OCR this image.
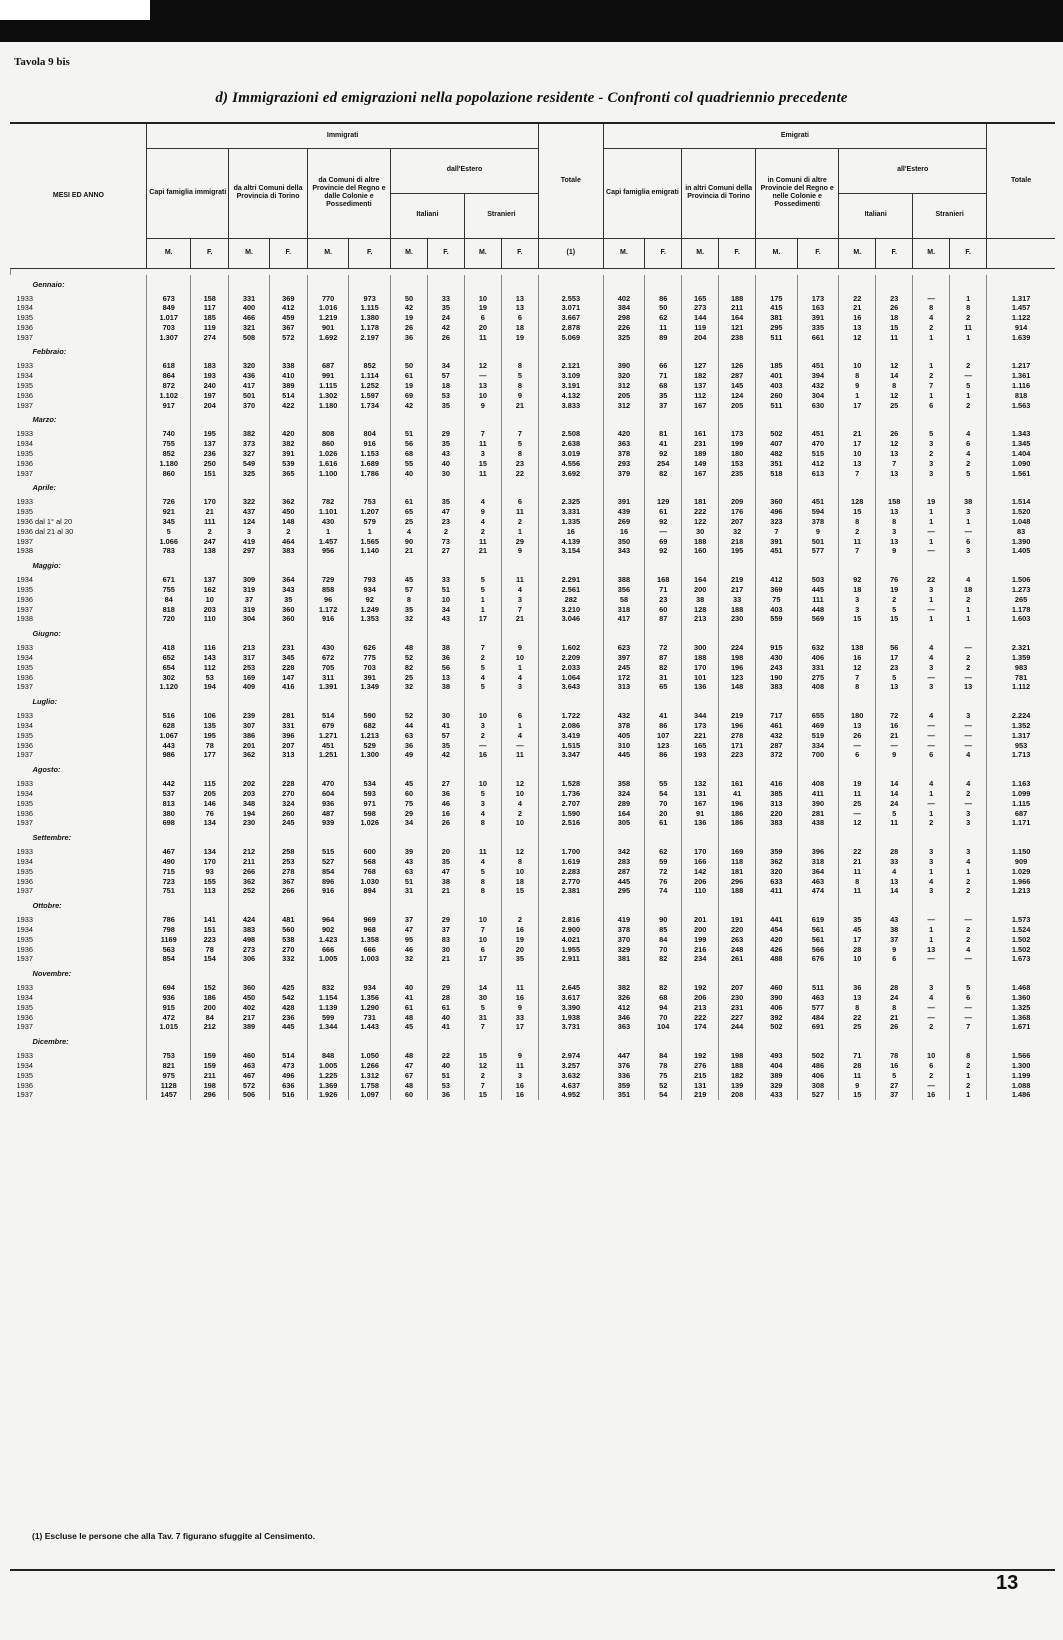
Tavola 9 bis
d) Immigrazioni ed emigrazioni nella popolazione residente - Confronti col quadriennio precedente
MESI ED ANNO	Immigrati										Totale	Emigrati										Totale
	Capi famiglia immigrati		da altri Comuni della Provincia di Torino		da Comuni di altre Provincie del Regno e dalle Colonie e Possedimenti		dall'Estero					Capi famiglia emigrati		in altri Comuni della Provincia di Torino		in Comuni di altre Provincie del Regno e nelle Colonie e Possedimenti		all'Estero				
							Italiani		Stranieri									Italiani		Stranieri		
	M.	F.	M.	F.	M.	F.	M.	F.	M.	F.	(1)	M.	F.	M.	F.	M.	F.	M.	F.	M.	F.	

Gennaio:																						
1933	673	158	331	369	770	973	50	33	10	13	2.553	402	86	165	188	175	173	22	23	—	1	1.317
1934	849	117	400	412	1.016	1.115	42	35	19	13	3.071	384	50	273	211	415	163	21	26	8	8	1.457
1935	1.017	185	466	459	1.219	1.380	19	24	6	6	3.667	298	62	144	164	381	391	16	18	4	2	1.122
1936	703	119	321	367	901	1.178	26	42	20	18	2.878	226	11	119	121	295	335	13	15	2	11	914
1937	1.307	274	508	572	1.692	2.197	36	26	11	19	5.069	325	89	204	238	511	661	12	11	1	1	1.639
Febbraio:																						
1933	618	183	320	338	687	852	50	34	12	8	2.121	390	66	127	126	185	451	10	12	1	2	1.217
1934	864	193	436	410	991	1.114	61	57	—	5	3.109	320	71	182	287	401	394	8	14	2	—	1.361
1935	872	240	417	389	1.115	1.252	19	18	13	8	3.191	312	68	137	145	403	432	9	8	7	5	1.116
1936	1.102	197	501	514	1.302	1.597	69	53	10	9	4.132	205	35	112	124	260	304	1	12	1	1	818
1937	917	204	370	422	1.180	1.734	42	35	9	21	3.833	312	37	167	205	511	630	17	25	6	2	1.563
Marzo:																						
1933	740	195	382	420	808	804	51	29	7	7	2.508	420	81	161	173	502	451	21	26	5	4	1.343
1934	755	137	373	382	860	916	56	35	11	5	2.638	363	41	231	199	407	470	17	12	3	6	1.345
1935	852	236	327	391	1.026	1.153	68	43	3	8	3.019	378	92	189	180	482	515	10	13	2	4	1.404
1936	1.180	250	549	539	1.616	1.689	55	40	15	23	4.556	293	254	149	153	351	412	13	7	3	2	1.090
1937	860	151	325	365	1.100	1.786	40	30	11	22	3.692	379	82	167	235	518	613	7	13	3	5	1.561
Aprile:																						
1933	726	170	322	362	782	753	61	35	4	6	2.325	391	129	181	209	360	451	128	158	19	38	1.514
1935	921	21	437	450	1.101	1.207	65	47	9	11	3.331	439	61	222	176	496	594	15	13	1	3	1.520
1936 dal 1° al 20	345	111	124	148	430	579	25	23	4	2	1.335	269	92	122	207	323	378	8	8	1	1	1.048
1936 dal 21 al 30	5	2	3	2	1	1	4	2	2	1	16	16	—	30	32	7	9	2	3	—	—	83
1937	1.066	247	419	464	1.457	1.565	90	73	11	29	4.139	350	69	188	218	391	501	11	13	1	6	1.390
1938	783	138	297	383	956	1.140	21	27	21	9	3.154	343	92	160	195	451	577	7	9	—	3	1.405
Maggio:																						
1934	671	137	309	364	729	793	45	33	5	11	2.291	388	168	164	219	412	503	92	76	22	4	1.506
1935	755	162	319	343	858	934	57	51	5	4	2.561	356	71	200	217	369	445	18	19	3	18	1.273
1936	84	10	37	35	96	92	8	10	1	3	282	58	23	38	33	75	111	3	2	1	2	265
1937	818	203	319	360	1.172	1.249	35	34	1	7	3.210	318	60	128	188	403	448	3	5	—	1	1.178
1938	720	110	304	360	916	1.353	32	43	17	21	3.046	417	87	213	230	559	569	15	15	1	1	1.603
Giugno:																						
1933	418	116	213	231	430	626	48	38	7	9	1.602	623	72	300	224	915	632	138	56	4	—	2.321
1934	652	143	317	345	672	775	52	36	2	10	2.209	397	87	188	198	430	406	16	17	4	2	1.359
1935	654	112	253	228	705	703	82	56	5	1	2.033	245	82	170	196	243	331	12	23	3	2	983
1936	302	53	169	147	311	391	25	13	4	4	1.064	172	31	101	123	190	275	7	5	—	—	781
1937	1.120	194	409	416	1.391	1.349	32	38	5	3	3.643	313	65	136	148	383	408	8	13	3	13	1.112
Luglio:																						
1933	516	106	239	281	514	590	52	30	10	6	1.722	432	41	344	219	717	655	180	72	4	3	2.224
1934	628	135	307	331	679	682	44	41	3	1	2.086	378	86	173	196	461	469	13	16	—	—	1.352
1935	1.067	195	386	396	1.271	1.213	63	57	2	4	3.419	405	107	221	278	432	519	26	21	—	—	1.317
1936	443	78	201	207	451	529	36	35	—	—	1.515	310	123	165	171	287	334	—	—	—	—	953
1937	986	177	362	313	1.251	1.300	49	42	16	11	3.347	445	86	193	223	372	700	6	9	6	4	1.713
Agosto:																						
1933	442	115	202	228	470	534	45	27	10	12	1.528	358	55	132	161	416	408	19	14	4	4	1.163
1934	537	205	203	270	604	593	60	36	5	10	1.736	324	54	131	41	385	411	11	14	1	2	1.099
1935	813	146	348	324	936	971	75	46	3	4	2.707	289	70	167	196	313	390	25	24	—	—	1.115
1936	380	76	194	260	487	598	29	16	4	2	1.590	164	20	91	186	220	281	—	5	1	3	687
1937	698	134	230	245	939	1.026	34	26	8	10	2.516	305	61	136	186	383	438	12	11	2	3	1.171
Settembre:																						
1933	467	134	212	258	515	600	39	20	11	12	1.700	342	62	170	169	359	396	22	28	3	3	1.150
1934	490	170	211	253	527	568	43	35	4	8	1.619	283	59	166	118	362	318	21	33	3	4	909
1935	715	93	266	278	854	768	63	47	5	10	2.283	287	72	142	181	320	364	11	4	1	1	1.029
1936	723	155	362	367	896	1.030	51	38	8	18	2.770	445	76	206	296	633	463	8	13	4	2	1.966
1937	751	113	252	266	916	894	31	21	8	15	2.381	295	74	110	188	411	474	11	14	3	2	1.213
Ottobre:																						
1933	786	141	424	481	964	969	37	29	10	2	2.816	419	90	201	191	441	619	35	43	—	—	1.573
1934	798	151	383	560	902	968	47	37	7	16	2.900	378	85	200	220	454	561	45	38	1	2	1.524
1935	1169	223	498	538	1.423	1.358	95	83	10	19	4.021	370	84	199	263	420	561	17	37	1	2	1.502
1936	563	78	273	270	666	666	46	30	6	20	1.955	329	70	216	248	426	566	28	9	13	4	1.502
1937	854	154	306	332	1.005	1.003	32	21	17	35	2.911	381	82	234	261	488	676	10	6	—	—	1.673
Novembre:																						
1933	694	152	360	425	832	934	40	29	14	11	2.645	382	82	192	207	460	511	36	28	3	5	1.468
1934	936	186	450	542	1.154	1.356	41	28	30	16	3.617	326	68	206	230	390	463	13	24	4	6	1.360
1935	915	200	402	428	1.139	1.290	61	61	5	9	3.390	412	94	213	231	406	577	8	8	—	—	1.325
1936	472	84	217	236	599	731	48	40	31	33	1.938	346	70	222	227	392	484	22	21	—	—	1.368
1937	1.015	212	389	445	1.344	1.443	45	41	7	17	3.731	363	104	174	244	502	691	25	26	2	7	1.671
Dicembre:																						
1933	753	159	460	514	848	1.050	48	22	15	9	2.974	447	84	192	198	493	502	71	78	10	8	1.566
1934	821	159	463	473	1.005	1.266	47	40	12	11	3.257	376	78	276	188	404	486	28	16	6	2	1.300
1935	975	211	467	496	1.225	1.312	67	51	2	3	3.632	336	75	215	182	389	406	11	5	2	1	1.199
1936	1128	198	572	636	1.369	1.758	48	53	7	16	4.637	359	52	131	139	329	308	9	27	—	2	1.088
1937	1457	296	506	516	1.926	1.097	60	36	15	16	4.952	351	54	219	208	433	527	15	37	16	1	1.486
(1) Escluse le persone che alla Tav. 7 figurano sfuggite al Censimento.
13
